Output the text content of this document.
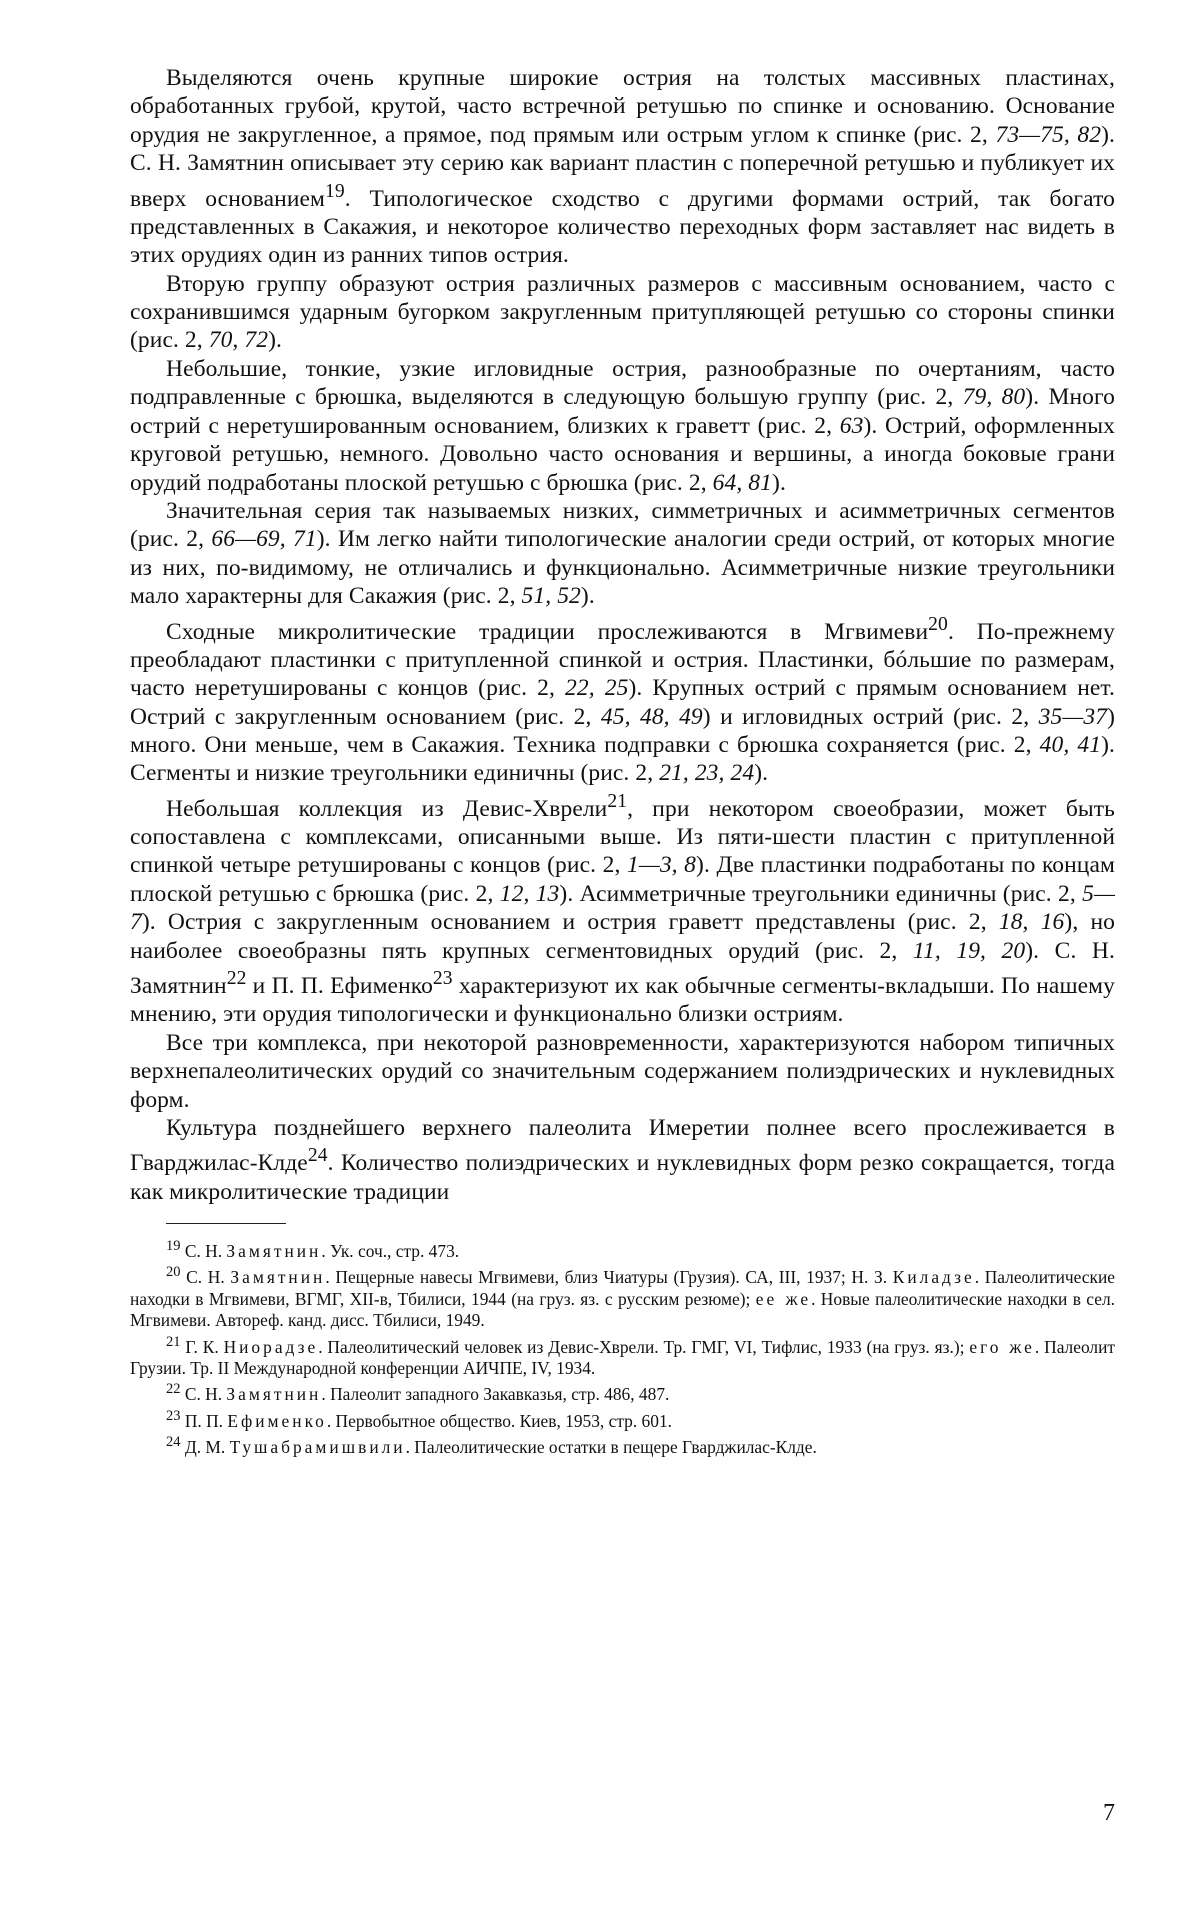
Выделяются очень крупные широкие острия на толстых массивных пластинах, обработанных грубой, крутой, часто встречной ретушью по спинке и основанию. Основание орудия не закругленное, а прямое, под прямым или острым углом к спинке (рис. 2, 73—75, 82). С. Н. Замятнин описывает эту серию как вариант пластин с поперечной ретушью и публикует их вверх основанием$^{19}$. Типологическое сходство с другими формами острий, так богато представленных в Сакажия, и некоторое количество переходных форм заставляет нас видеть в этих орудиях один из ранних типов острия.

Вторую группу образуют острия различных размеров с массивным основанием, часто с сохранившимся ударным бугорком закругленным притупляющей ретушью со стороны спинки (рис. 2, 70, 72).

Небольшие, тонкие, узкие игловидные острия, разнообразные по очертаниям, часто подправленные с брюшка, выделяются в следующую большую группу (рис. 2, 79, 80). Много острий с неретушированным основанием, близких к граветт (рис. 2, 63). Острий, оформленных круговой ретушью, немного. Довольно часто основания и вершины, а иногда боковые грани орудий подработаны плоской ретушью с брюшка (рис. 2, 64, 81).

Значительная серия так называемых низких, симметричных и асимметричных сегментов (рис. 2, 66—69, 71). Им легко найти типологические аналогии среди острий, от которых многие из них, по-видимому, не отличались и функционально. Асимметричные низкие треугольники мало характерны для Сакажия (рис. 2, 51, 52).

Сходные микролитические традиции прослеживаются в Мгвимеви$^{20}$. По-прежнему преобладают пластинки с притупленной спинкой и острия. Пластинки, бóльшие по размерам, часто неретушированы с концов (рис. 2, 22, 25). Крупных острий с прямым основанием нет. Острий с закругленным основанием (рис. 2, 45, 48, 49) и игловидных острий (рис. 2, 35—37) много. Они меньше, чем в Сакажия. Техника подправки с брюшка сохраняется (рис. 2, 40, 41). Сегменты и низкие треугольники единичны (рис. 2, 21, 23, 24).

Небольшая коллекция из Девис-Хврели$^{21}$, при некотором своеобразии, может быть сопоставлена с комплексами, описанными выше. Из пяти-шести пластин с притупленной спинкой четыре ретушированы с концов (рис. 2, 1—3, 8). Две пластинки подработаны по концам плоской ретушью с брюшка (рис. 2, 12, 13). Асимметричные треугольники единичны (рис. 2, 5—7). Острия с закругленным основанием и острия граветт представлены (рис. 2, 18, 16), но наиболее своеобразны пять крупных сегментовидных орудий (рис. 2, 11, 19, 20). С. Н. Замятнин$^{22}$ и П. П. Ефименко$^{23}$ характеризуют их как обычные сегменты-вкладыши. По нашему мнению, эти орудия типологически и функционально близки остриям.

Все три комплекса, при некоторой разновременности, характеризуются набором типичных верхнепалеолитических орудий со значительным содержанием полиэдрических и нуклевидных форм.

Культура позднейшего верхнего палеолита Имеретии полнее всего прослеживается в Гварджилас-Клде$^{24}$. Количество полиэдрических и нуклевидных форм резко сокращается, тогда как микролитические традиции

$^{19}$ С. Н. Замятнин. Ук. соч., стр. 473.

$^{20}$ С. Н. Замятнин. Пещерные навесы Мгвимеви, близ Чиатуры (Грузия). СА, III, 1937; Н. З. Киладзе. Палеолитические находки в Мгвимеви, ВГМГ, XII-в, Тбилиси, 1944 (на груз. яз. с русским резюме); ее же. Новые палеолитические находки в сел. Мгвимеви. Автореф. канд. дисс. Тбилиси, 1949.

$^{21}$ Г. К. Ниорадзе. Палеолитический человек из Девис-Хврели. Тр. ГМГ, VI, Тифлис, 1933 (на груз. яз.); его же. Палеолит Грузии. Тр. II Международной конференции АИЧПЕ, IV, 1934.

$^{22}$ С. Н. Замятнин. Палеолит западного Закавказья, стр. 486, 487.

$^{23}$ П. П. Ефименко. Первобытное общество. Киев, 1953, стр. 601.

$^{24}$ Д. М. Тушабрамишвили. Палеолитические остатки в пещере Гварджилас-Клде.

7
